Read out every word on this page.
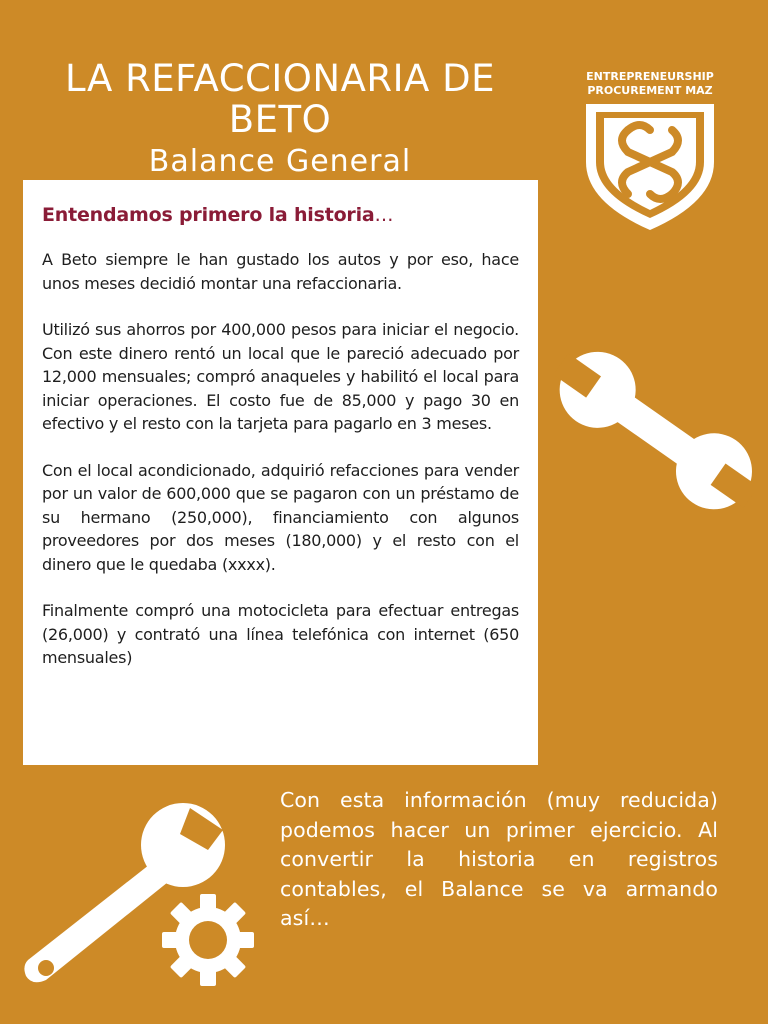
LA REFACCIONARIA DE BETO
Balance General
ENTREPRENEURSHIP
PROCUREMENT MAZ
Entendamos primero la historia…

A Beto siempre le han gustado los autos y por eso, hace unos meses decidió montar una refaccionaria.

Utilizó sus ahorros por 400,000 pesos para iniciar el negocio. Con este dinero rentó un local que le pareció adecuado por 12,000 mensuales; compró anaqueles y habilitó el local para iniciar operaciones. El costo fue de 85,000 y pago 30 en efectivo y el resto con la tarjeta para pagarlo en 3 meses.

Con el local acondicionado, adquirió refacciones para vender por un valor de 600,000 que se pagaron con un préstamo de su hermano (250,000), financiamiento con algunos proveedores por dos meses (180,000) y el resto con el dinero que le quedaba (xxxx).

Finalmente compró una motocicleta para efectuar entregas (26,000) y contrató una línea telefónica con internet (650 mensuales)

Con esta información (muy reducida) podemos hacer un primer ejercicio. Al convertir la historia en registros contables, el Balance se va armando así…
